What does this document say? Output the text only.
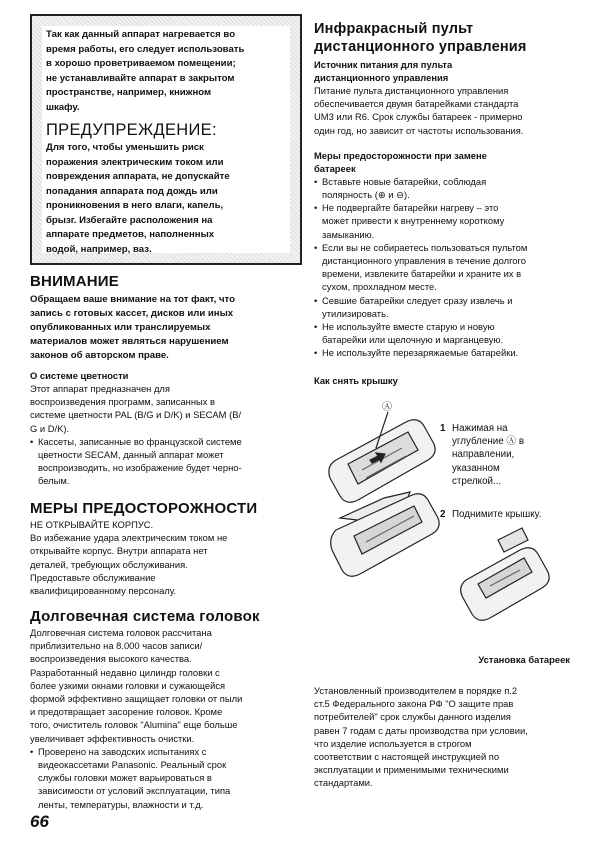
Так как данный аппарат нагревается во
время работы, его следует использовать
в хорошо проветриваемом помещении;
не устанавливайте аппарат в закрытом
пространстве, например, книжном
шкафу.
ПРЕДУПРЕЖДЕНИЕ:
Для того, чтобы уменьшить риск
поражения электрическим током или
повреждения аппарата, не допускайте
попадания аппарата под дождь или
проникновения в него влаги, капель,
брызг. Избегайте расположения на
аппарате предметов, наполненных
водой, например, ваз.
ВНИМАНИЕ
Обращаем ваше внимание на тот факт, что
запись с готовых кассет, дисков или иных
опубликованных или транслируемых
материалов может являться нарушением
законов об авторском праве.
О системе цветности
Этот аппарат предназначен для
воспроизведения программ, записанных в
системе цветности PAL (B/G и D/K) и SECAM (B/
G и D/K).
• Кассеты, записанные во французской системе
цветности SECAM, данный аппарат может
воспроизводить, но изображение будет черно-
белым.
МЕРЫ ПРЕДОСТОРОЖНОСТИ
НЕ ОТКРЫВАЙТЕ КОРПУС.
Во избежание удара электрическим током не
открывайте корпус. Внутри аппарата нет
деталей, требующих обслуживания.
Предоставьте обслуживание
квалифицированному персоналу.
Долговечная система головок
Долговечная система головок рассчитана
приблизительно на 8.000 часов записи/
воспроизведения высокого качества.
Разработанный недавно цилиндр головки с
более узкими окнами головки и сужающейся
формой эффективно защищает головки от пыли
и предотвращает засорение головок. Кроме
того, очиститель головок "Alumina" еще больше
увеличивает эффективность очистки.
• Проверено на заводских испытаниях с
видеокассетами Panasonic. Реальный срок
службы головки может варьироваться в
зависимости от условий эксплуатации, типа
ленты, температуры, влажности и т.д.
66
Инфракрасный пульт
дистанционного управления
Источник питания для пульта
дистанционного управления
Питание пульта дистанционного управления
обеспечивается двумя батарейками стандарта
UM3 или R6. Срок службы батареек - примерно
один год, но зависит от частоты использования.
Меры предосторожности при замене
батареек
• Вставьте новые батарейки, соблюдая
полярность (⊕ и ⊖).
• Не подвергайте батарейки нагреву – это
может привести к внутреннему короткому
замыканию.
• Если вы не собираетесь пользоваться пультом
дистанционного управления в течение долгого
времени, извлеките батарейки и храните их в
сухом, прохладном месте.
• Севшие батарейки следует сразу извлечь и
утилизировать.
• Не используйте вместе старую и новую
батарейки или щелочную и марганцевую.
• Не используйте перезаряжаемые батарейки.
Как снять крышку
Ⓐ
1 Нажимая на
углубление Ⓐ в
направлении,
указанном
стрелкой...
2 Поднимите крышку.
Установка батареек
Установленный производителем в порядке п.2
ст.5 Федерального закона РФ "О защите прав
потребителей" срок службы данного изделия
равен 7 годам с даты производства при условии,
что изделие используется в строгом
соответствии с настоящей инструкцией по
эксплуатации и применимыми техническими
стандартами.
